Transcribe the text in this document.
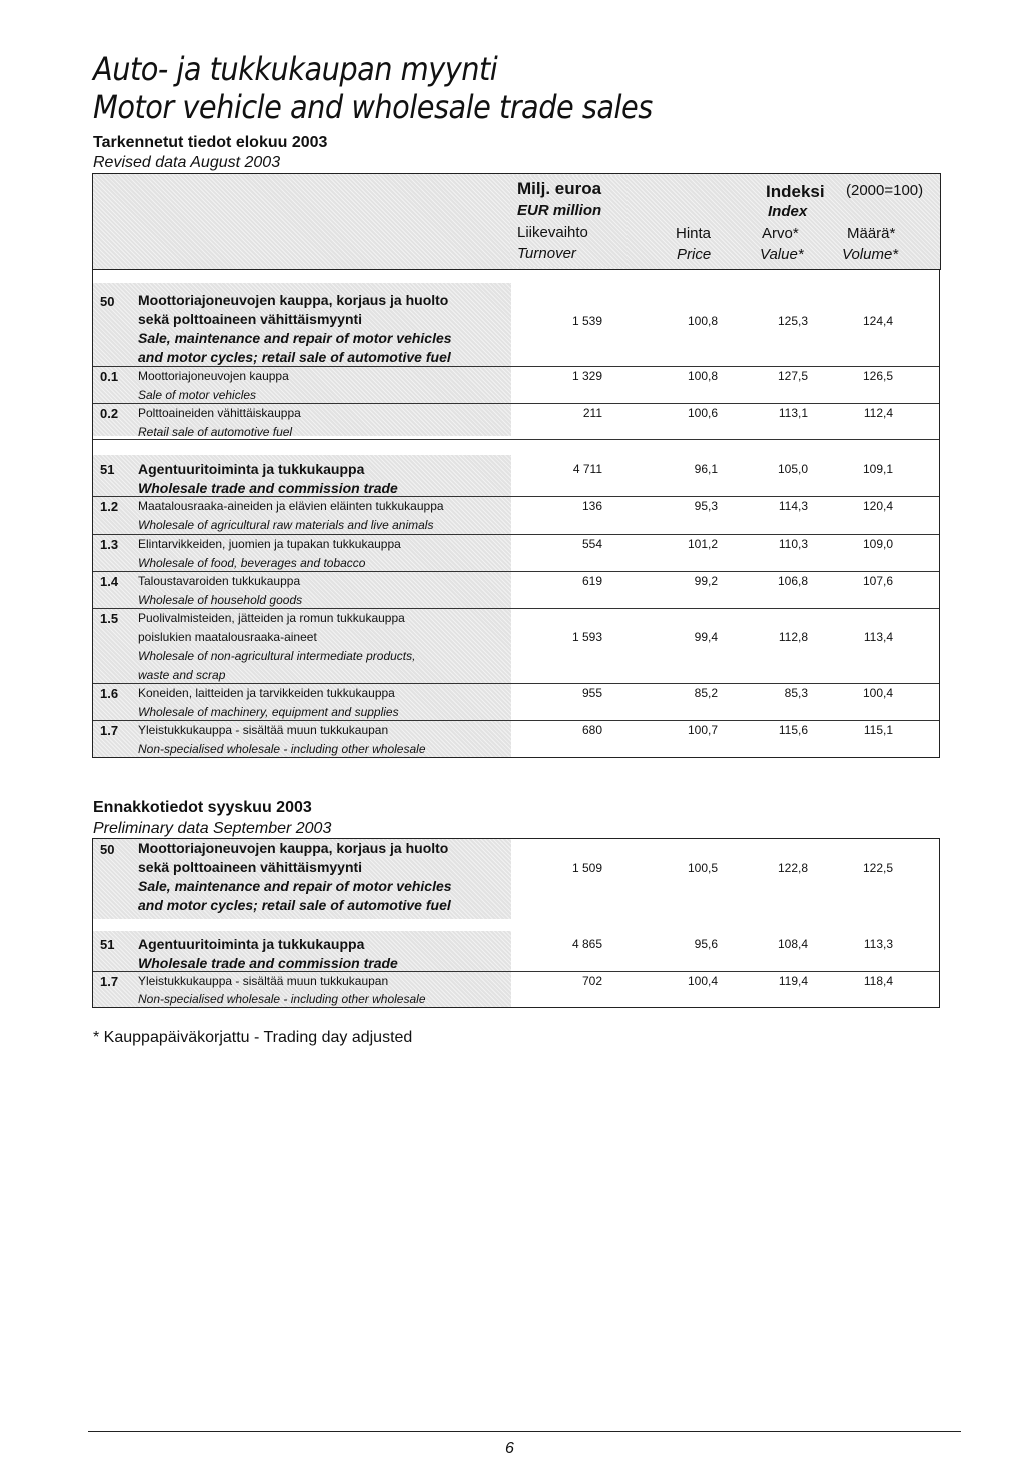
Auto- ja tukkukaupan myynti
Motor vehicle and wholesale trade sales
Tarkennetut tiedot elokuu 2003
Revised data August 2003
Milj. euroa
EUR million
Liikevaihto
Turnover
Indeksi (2000=100)
Index
Hinta
Price
Arvo*
Value*
Määrä*
Volume*
50 Moottoriajoneuvojen kauppa, korjaus ja huolto
sekä polttoaineen vähittäismyynti
Sale, maintenance and repair of motor vehicles
and motor cycles; retail sale of automotive fuel
1 539	100,8	125,3	124,4
0.1 Moottoriajoneuvojen kauppa
Sale of motor vehicles
1 329	100,8	127,5	126,5
0.2 Polttoaineiden vähittäiskauppa
Retail sale of automotive fuel
211	100,6	113,1	112,4
51 Agentuuritoiminta ja tukkukauppa
Wholesale trade and commission trade
4 711	96,1	105,0	109,1
1.2 Maatalousraaka-aineiden ja elävien eläinten tukkukauppa
Wholesale of agricultural raw materials and live animals
136	95,3	114,3	120,4
1.3 Elintarvikkeiden, juomien ja tupakan tukkukauppa
Wholesale of food, beverages and tobacco
554	101,2	110,3	109,0
1.4 Taloustavaroiden tukkukauppa
Wholesale of household goods
619	99,2	106,8	107,6
1.5 Puolivalmisteiden, jätteiden ja romun tukkukauppa
poislukien maatalousraaka-aineet
Wholesale of non-agricultural intermediate products,
waste and scrap
1 593	99,4	112,8	113,4
1.6 Koneiden, laitteiden ja tarvikkeiden tukkukauppa
Wholesale of machinery, equipment and supplies
955	85,2	85,3	100,4
1.7 Yleistukkukauppa - sisältää muun tukkukaupan
Non-specialised wholesale - including other wholesale
680	100,7	115,6	115,1
Ennakkotiedot syyskuu 2003
Preliminary data September 2003
50 Moottoriajoneuvojen kauppa, korjaus ja huolto
sekä polttoaineen vähittäismyynti
Sale, maintenance and repair of motor vehicles
and motor cycles; retail sale of automotive fuel
1 509	100,5	122,8	122,5
51 Agentuuritoiminta ja tukkukauppa
Wholesale trade and commission trade
4 865	95,6	108,4	113,3
1.7 Yleistukkukauppa - sisältää muun tukkukaupan
Non-specialised wholesale - including other wholesale
702	100,4	119,4	118,4
* Kauppapäiväkorjattu - Trading day adjusted
6
